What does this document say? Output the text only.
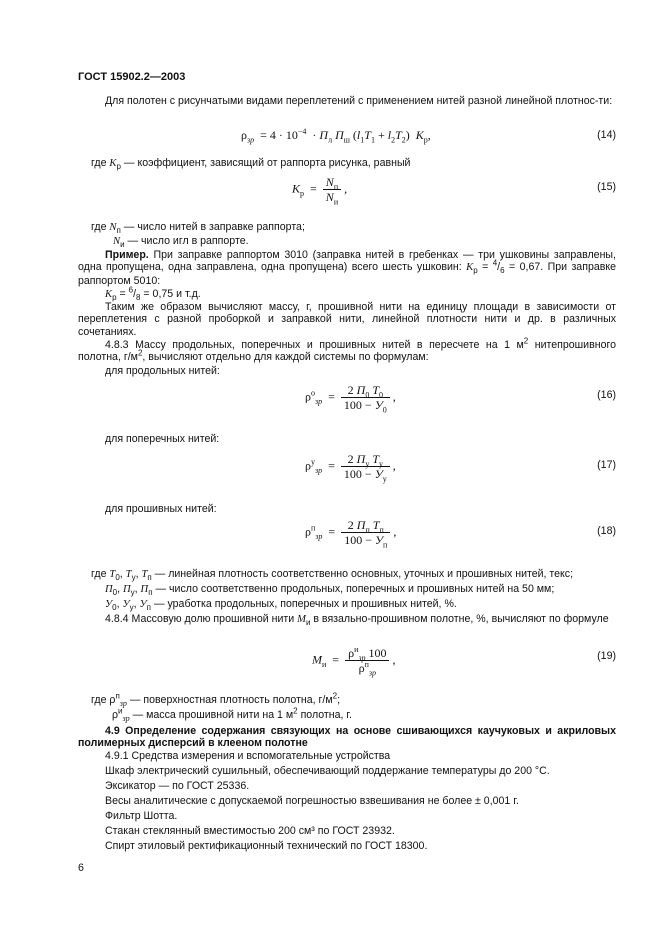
ГОСТ 15902.2—2003
Для полотен с рисунчатыми видами переплетений с применением нитей разной линейной плотнос-ти:
$\rho_{зр} = 4 \cdot 10^{-4} \cdot П_л$ $П_ш$ $(l_1T_1 + l_2T_2)$  $K_р$,	(14)
где $K_р$ — коэффициент, зависящий от раппорта рисунка, равный
$K_р = \frac{N_п}{N_и}$ ,	(15)
где $N_п$ — число нитей в заправке раппорта;
$N_и$ — число игл в раппорте.
Пример. При заправке раппортом 3010 (заправка нитей в гребенках — три ушковины заправлены, одна пропущена, одна заправлена, одна пропущена) всего шесть ушковин: $K_р = ^4/_6 = 0,67$. При заправке раппортом 5010:
$K_р = ^6/_8 = 0,75$ и т.д.
Таким же образом вычисляют массу, г, прошивной нити на единицу площади в зависимости от переплетения с разной проборкой и заправкой нити, линейной плотности нити и др. в различных сочетаниях.
4.8.3 Массу продольных, поперечных и прошивных нитей в пересчете на 1 $м^2$ нитепрошивного полотна, $г/м^2$, вычисляют отдельно для каждой системы по формулам:
для продольных нитей:
$\rho^о_{зр} = \frac{2 П_0 T_0}{100 - У_0}$ ,	(16)
для поперечных нитей:
$\rho^у_{зр} = \frac{2 П_у T_у}{100 - У_у}$ ,	(17)
для прошивных нитей:
$\rho^п_{зр} = \frac{2 П_п T_п}{100 - У_п}$ ,	(18)
где $T_0$, $T_у$, $T_п$ — линейная плотность соответственно основных, уточных и прошивных нитей, текс;
$П_0$, $П_у$, $П_п$ — число соответственно продольных, поперечных и прошивных нитей на 50 мм;
$У_0$, $У_у$, $У_п$ — уработка продольных, поперечных и прошивных нитей, %.
4.8.4 Массовую долю прошивной нити $M_и$ в вязально-прошивном полотне, %, вычисляют по формуле
$M_и = \frac{\rho^и_{зр} 100}{\rho^п_{зр}}$ ,	(19)
где $\rho^п_{зр}$ — поверхностная плотность полотна, $г/м^2$;
$\rho^и_{зр}$ — масса прошивной нити на 1 $м^2$ полотна, г.
4.9 Определение содержания связующих на основе сшивающихся каучуковых и акриловых полимерных дисперсий в клееном полотне
4.9.1 Средства измерения и вспомогательные устройства
Шкаф электрический сушильный, обеспечивающий поддержание температуры до 200 °С.
Эксикатор — по ГОСТ 25336.
Весы аналитические с допускаемой погрешностью взвешивания не более ± 0,001 г.
Фильтр Шотта.
Стакан стеклянный вместимостью 200 см³ по ГОСТ 23932.
Спирт этиловый ректификационный технический по ГОСТ 18300.
6
